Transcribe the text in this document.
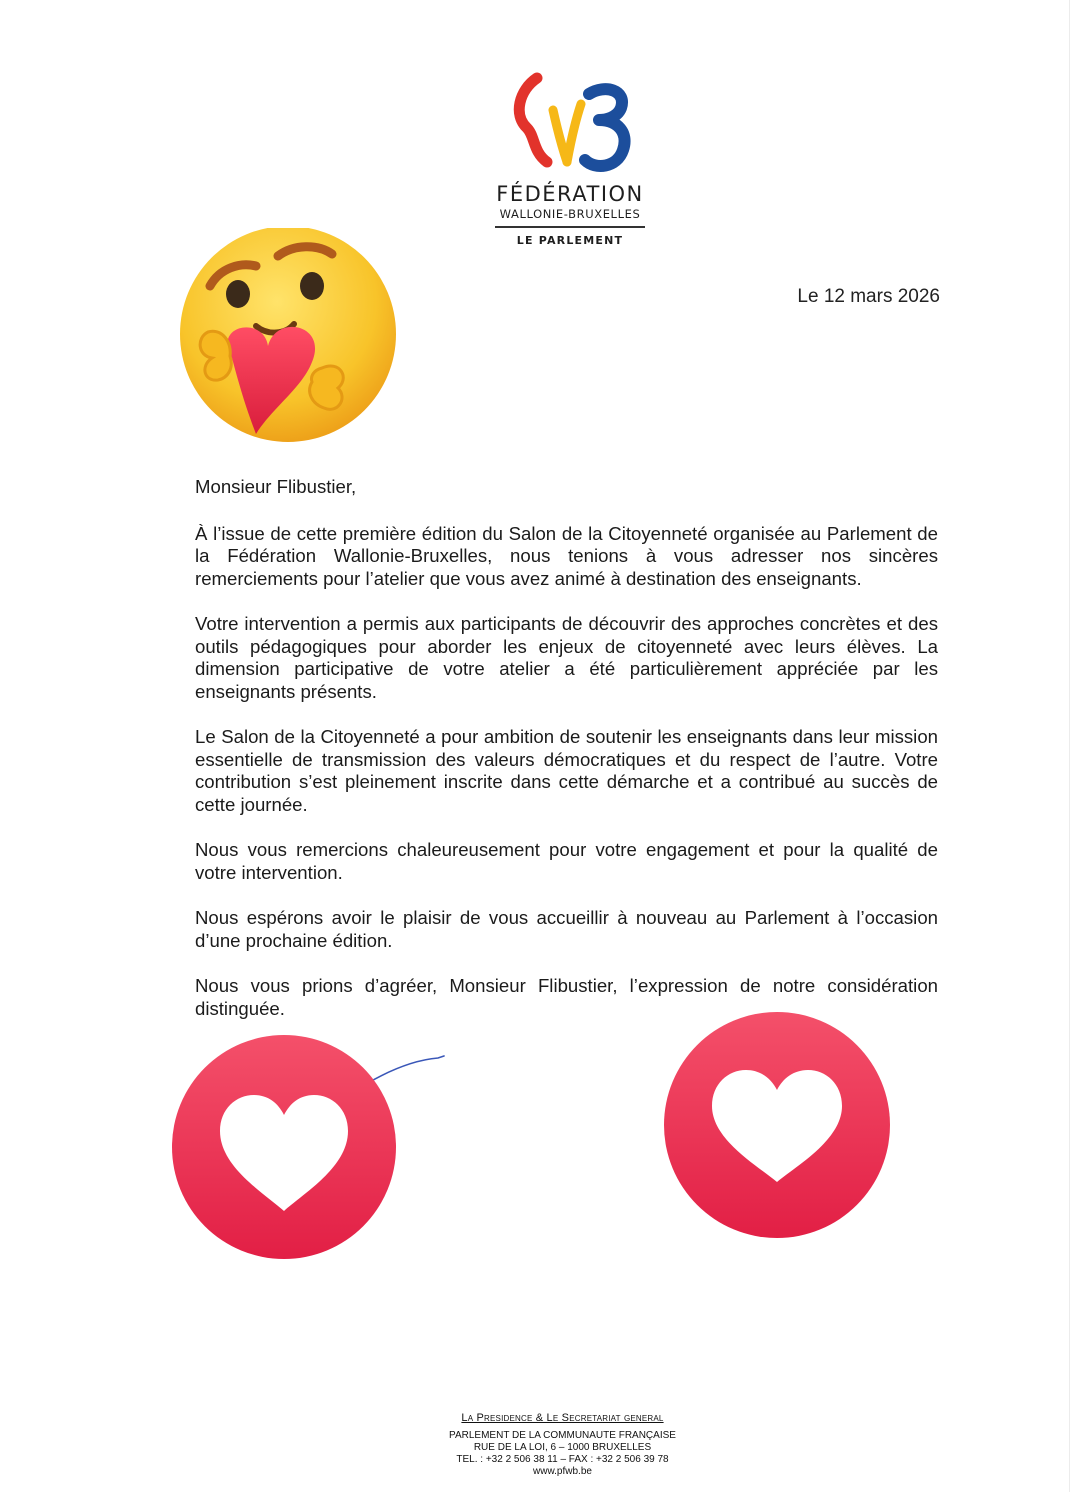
FÉDÉRATION
WALLONIE-BRUXELLES
LE PARLEMENT
Le 12 mars 2026

Monsieur Flibustier,

À l’issue de cette première édition du Salon de la Citoyenneté organisée au Parlement de la Fédération Wallonie-Bruxelles, nous tenions à vous adresser nos sincères remerciements pour l’atelier que vous avez animé à destination des enseignants.

Votre intervention a permis aux participants de découvrir des approches concrètes et des outils pédagogiques pour aborder les enjeux de citoyenneté avec leurs élèves. La dimension participative de votre atelier a été particulièrement appréciée par les enseignants présents.

Le Salon de la Citoyenneté a pour ambition de soutenir les enseignants dans leur mission essentielle de transmission des valeurs démocratiques et du respect de l’autre. Votre contribution s’est pleinement inscrite dans cette démarche et a contribué au succès de cette journée.

Nous vous remercions chaleureusement pour votre engagement et pour la qualité de votre intervention.

Nous espérons avoir le plaisir de vous accueillir à nouveau au Parlement à l’occasion d’une prochaine édition.

Nous vous prions d’agréer, Monsieur Flibustier, l’expression de notre considération distinguée.

La Presidence & Le Secretariat general
PARLEMENT DE LA COMMUNAUTE FRANÇAISE
RUE DE LA LOI, 6 – 1000 BRUXELLES
TEL. : +32 2 506 38 11 – FAX : +32 2 506 39 78
www.pfwb.be
